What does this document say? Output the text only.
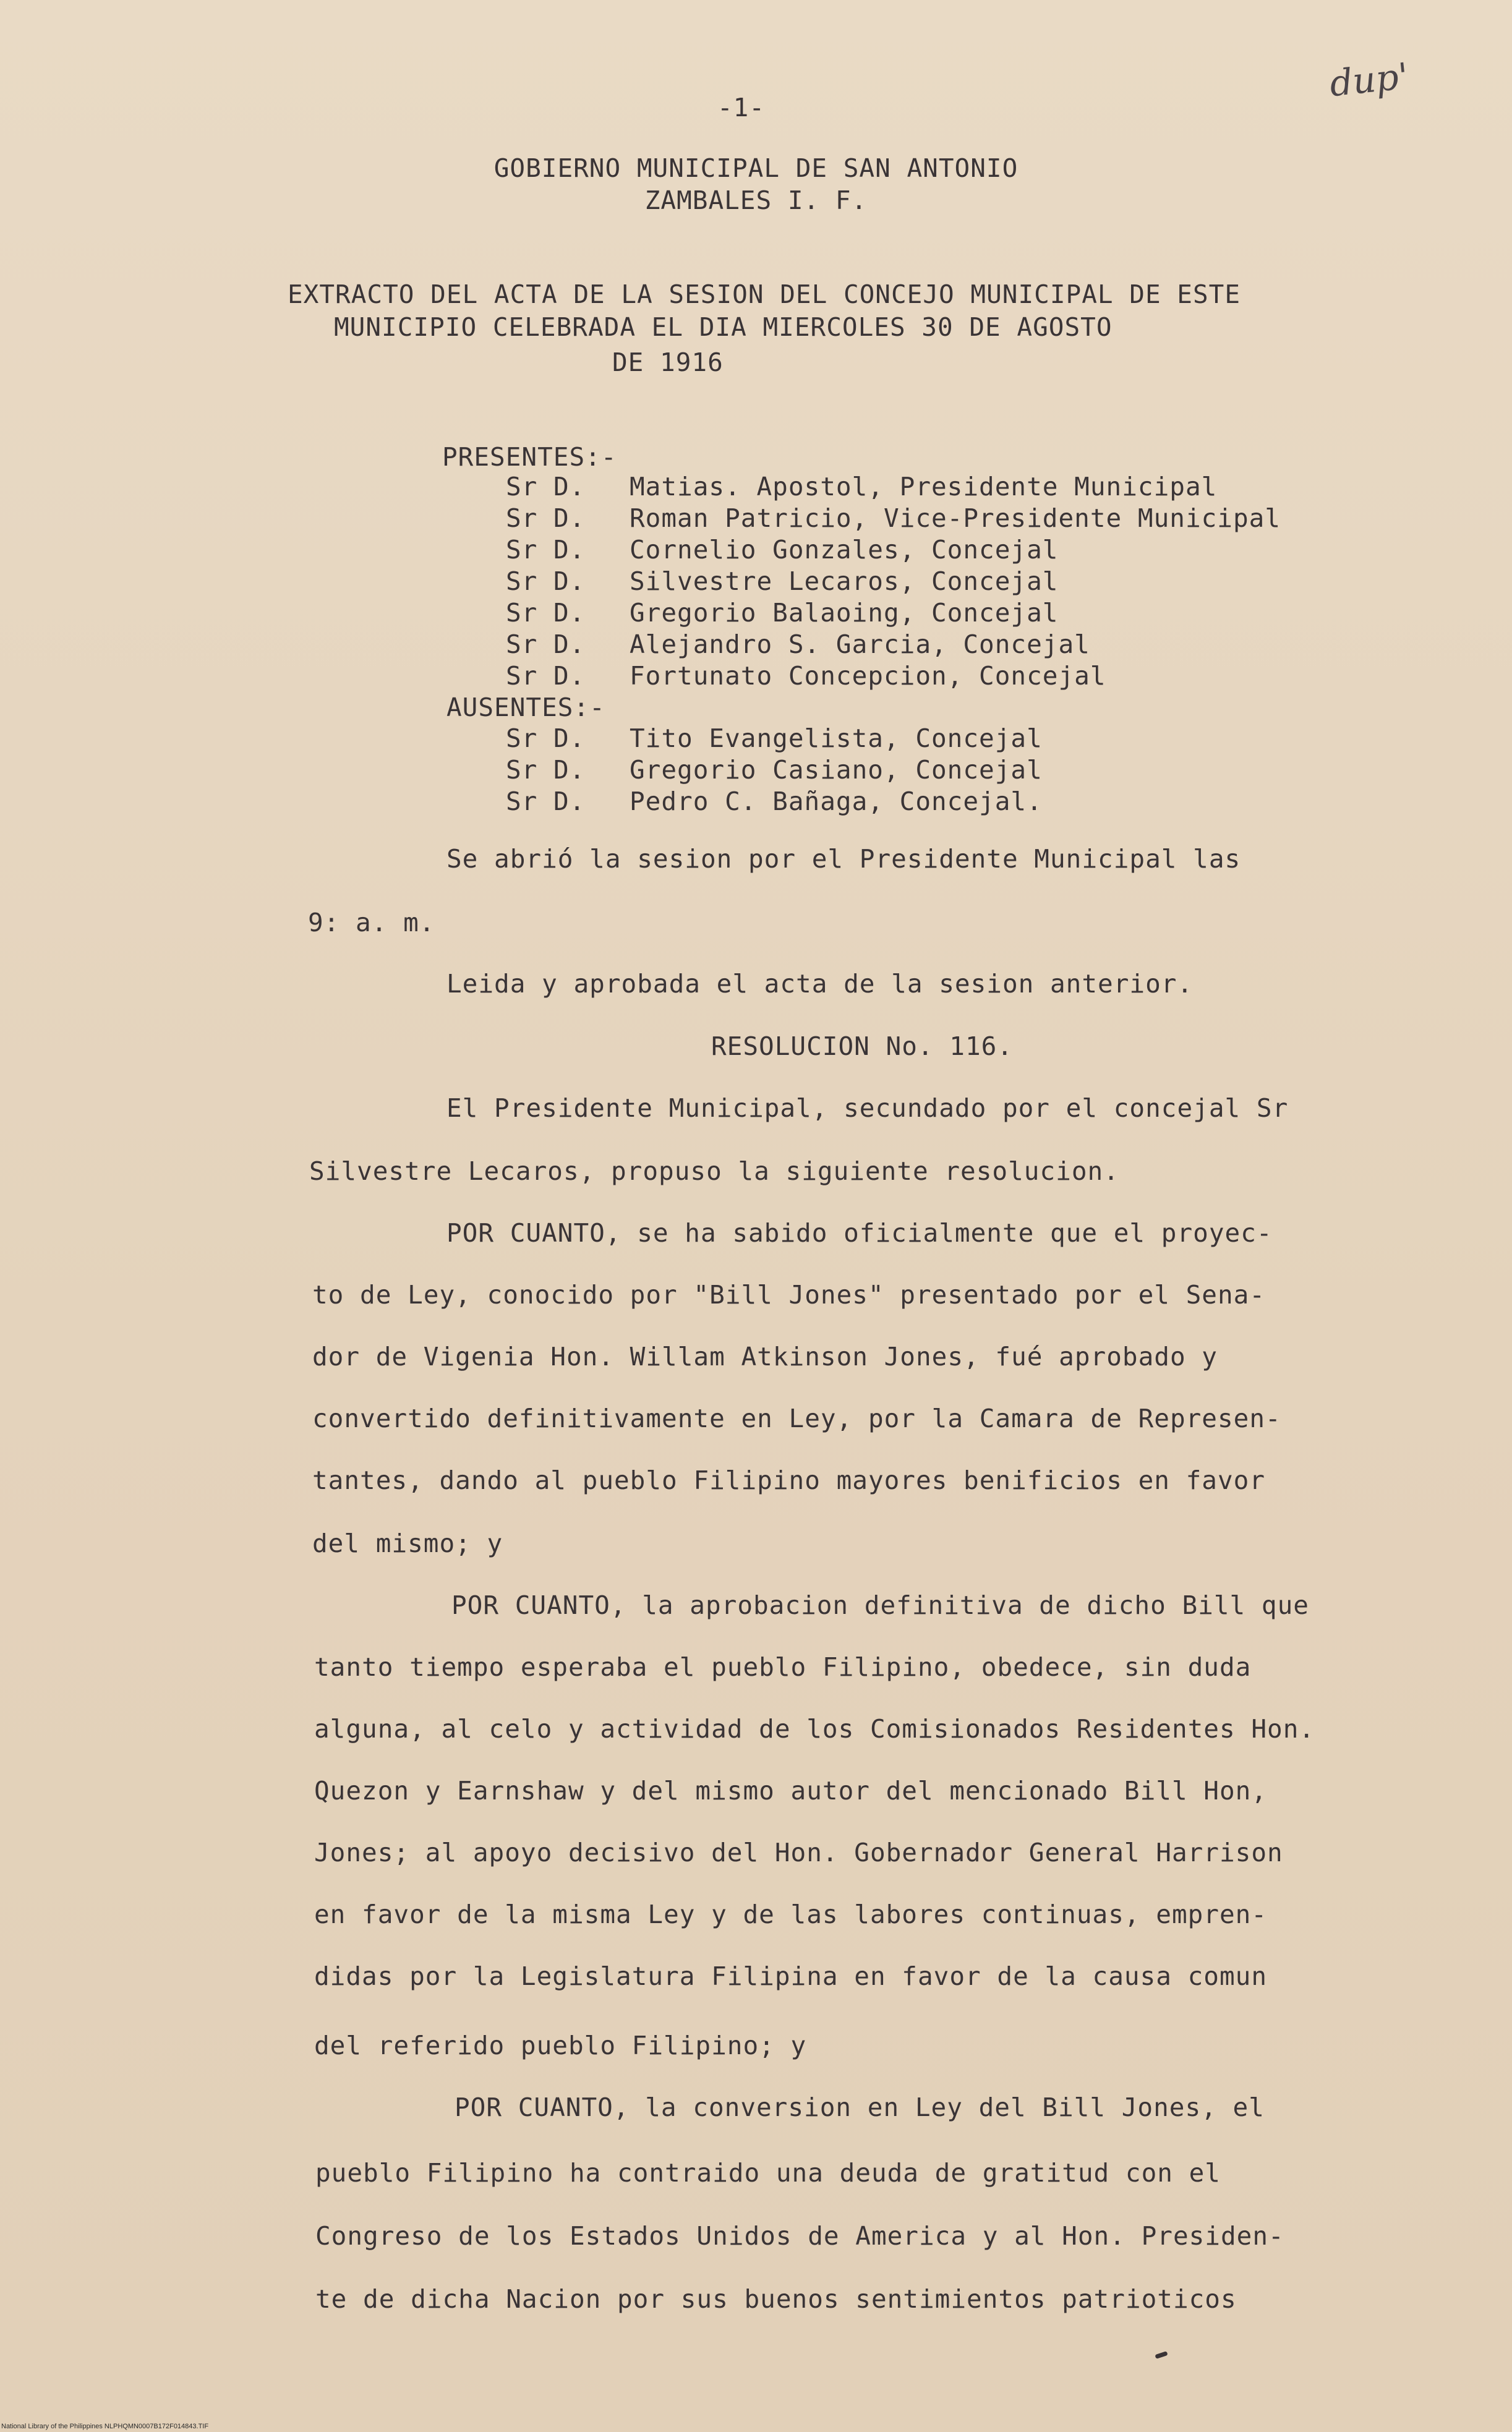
-1-
dup'
GOBIERNO MUNICIPAL DE SAN ANTONIO
ZAMBALES I. F.
EXTRACTO DEL ACTA DE LA SESION DEL CONCEJO MUNICIPAL DE ESTE
MUNICIPIO CELEBRADA EL DIA MIERCOLES 30 DE AGOSTO
DE 1916
PRESENTES:-
Sr D. Matias. Apostol, Presidente Municipal
Sr D. Roman Patricio, Vice-Presidente Municipal
Sr D. Cornelio Gonzales, Concejal
Sr D. Silvestre Lecaros, Concejal
Sr D. Gregorio Balaoing, Concejal
Sr D. Alejandro S. Garcia, Concejal
Sr D. Fortunato Concepcion, Concejal
AUSENTES:-
Sr D. Tito Evangelista, Concejal
Sr D. Gregorio Casiano, Concejal
Sr D. Pedro C. Bañaga, Concejal.
Se abrió la sesion por el Presidente Municipal las
9: a. m.
Leida y aprobada el acta de la sesion anterior.
RESOLUCION No. 116.
El Presidente Municipal, secundado por el concejal Sr
Silvestre Lecaros, propuso la siguiente resolucion.
POR CUANTO, se ha sabido oficialmente que el proyec-
to de Ley, conocido por "Bill Jones" presentado por el Sena-
dor de Vigenia Hon. Willam Atkinson Jones, fué aprobado y
convertido definitivamente en Ley, por la Camara de Represen-
tantes, dando al pueblo Filipino mayores benificios en favor
del mismo; y
POR CUANTO, la aprobacion definitiva de dicho Bill que
tanto tiempo esperaba el pueblo Filipino, obedece, sin duda
alguna, al celo y actividad de los Comisionados Residentes Hon.
Quezon y Earnshaw y del mismo autor del mencionado Bill Hon,
Jones; al apoyo decisivo del Hon. Gobernador General Harrison
en favor de la misma Ley y de las labores continuas, empren-
didas por la Legislatura Filipina en favor de la causa comun
del referido pueblo Filipino; y
POR CUANTO, la conversion en Ley del Bill Jones, el
pueblo Filipino ha contraido una deuda de gratitud con el
Congreso de los Estados Unidos de America y al Hon. Presiden-
te de dicha Nacion por sus buenos sentimientos patrioticos
National Library of the Philippines NLPHQMN0007B172F014843.TIF
